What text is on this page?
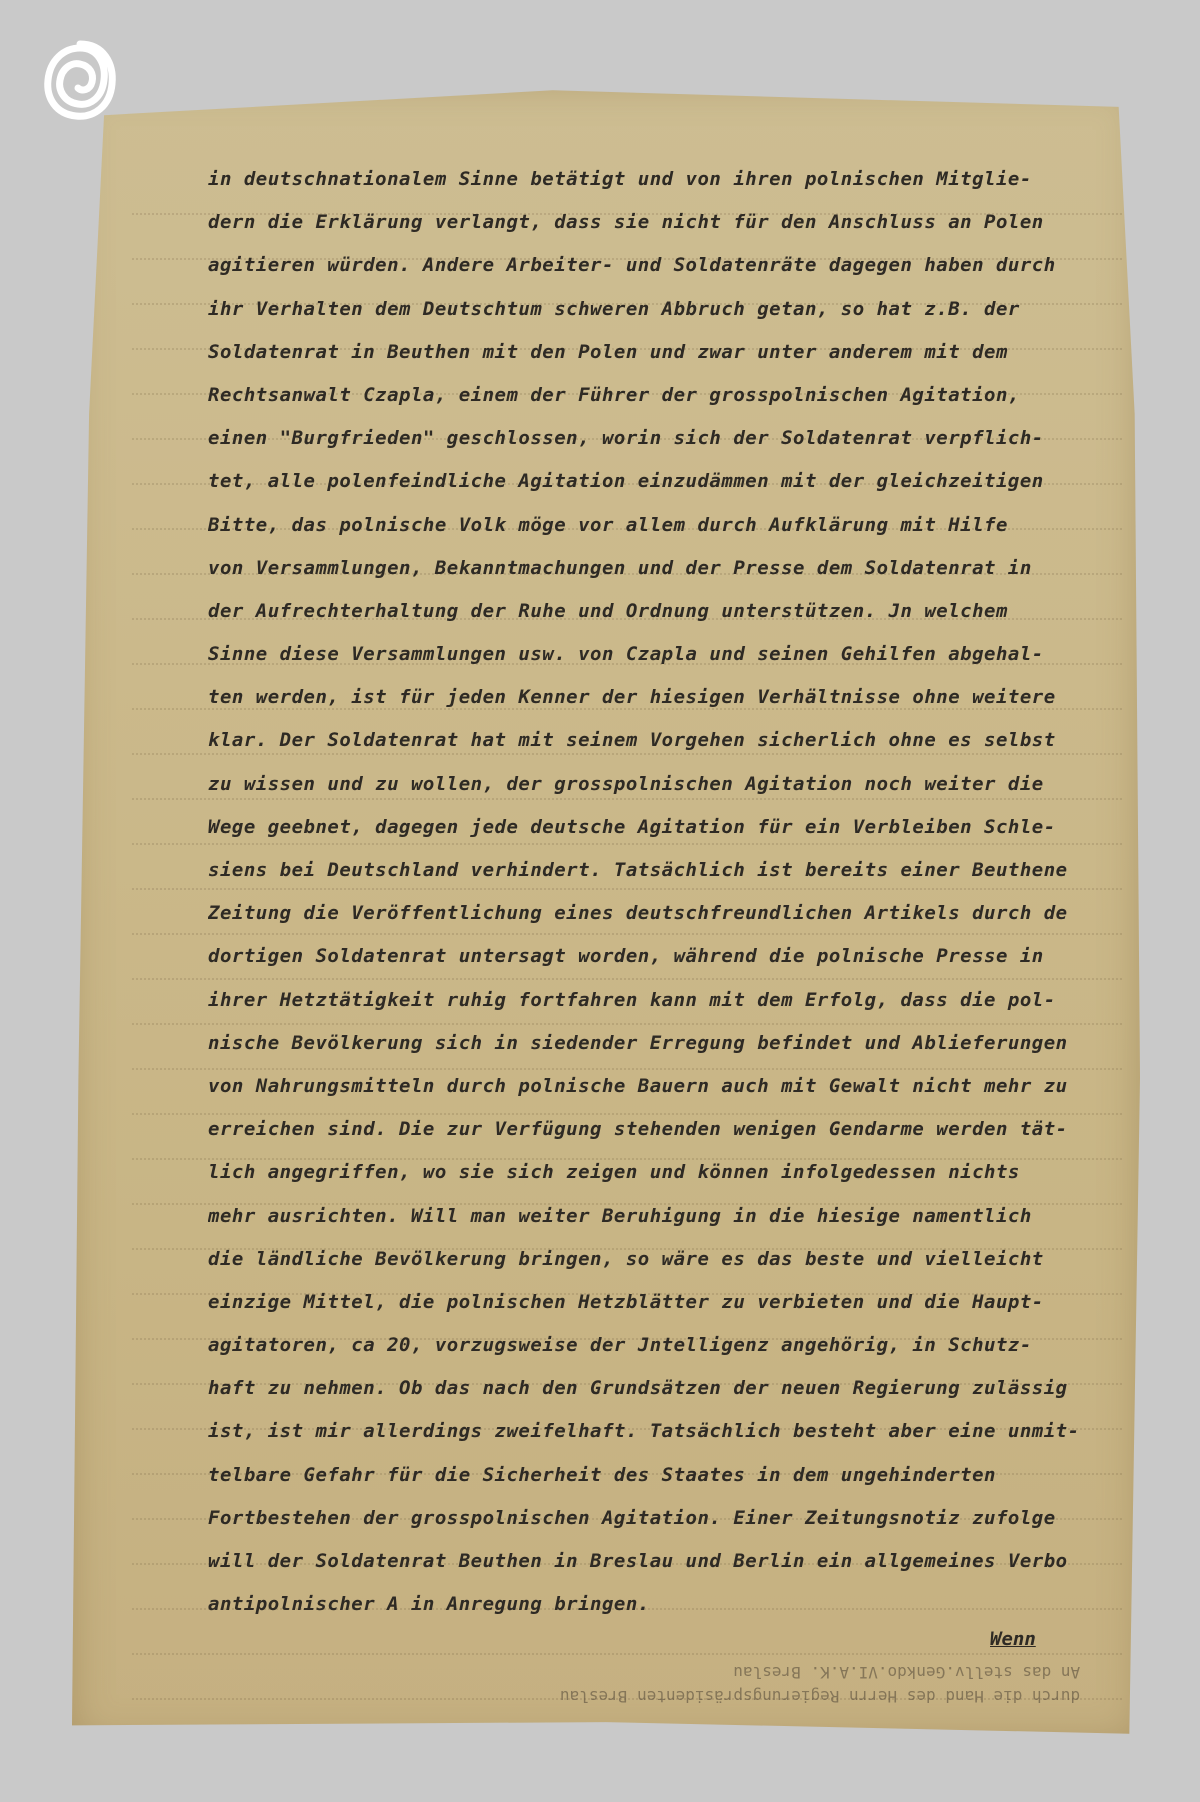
in deutschnationalem Sinne betätigt und von ihren polnischen Mitglie-
dern die Erklärung verlangt, dass sie nicht für den Anschluss an Polen
agitieren würden. Andere Arbeiter- und Soldatenräte dagegen haben durch
ihr Verhalten dem Deutschtum schweren Abbruch getan, so hat z.B. der
Soldatenrat in Beuthen mit den Polen und zwar unter anderem mit dem
Rechtsanwalt Czapla, einem der Führer der grosspolnischen Agitation,
einen "Burgfrieden" geschlossen, worin sich der Soldatenrat verpflich-
tet, alle polenfeindliche Agitation einzudämmen mit der gleichzeitigen
Bitte, das polnische Volk möge vor allem durch Aufklärung mit Hilfe
von Versammlungen, Bekanntmachungen und der Presse dem Soldatenrat in
der Aufrechterhaltung der Ruhe und Ordnung unterstützen. Jn welchem
Sinne diese Versammlungen usw. von Czapla und seinen Gehilfen abgehal-
ten werden, ist für jeden Kenner der hiesigen Verhältnisse ohne weitere
klar. Der Soldatenrat hat mit seinem Vorgehen sicherlich ohne es selbst
zu wissen und zu wollen, der grosspolnischen Agitation noch weiter die
Wege geebnet, dagegen jede deutsche Agitation für ein Verbleiben Schle-
siens bei Deutschland verhindert. Tatsächlich ist bereits einer Beuthene
Zeitung die Veröffentlichung eines deutschfreundlichen Artikels durch de
dortigen Soldatenrat untersagt worden, während die polnische Presse in
ihrer Hetztätigkeit ruhig fortfahren kann mit dem Erfolg, dass die pol-
nische Bevölkerung sich in siedender Erregung befindet und Ablieferungen
von Nahrungsmitteln durch polnische Bauern auch mit Gewalt nicht mehr zu
erreichen sind. Die zur Verfügung stehenden wenigen Gendarme werden tät-
lich angegriffen, wo sie sich zeigen und können infolgedessen nichts
mehr ausrichten. Will man weiter Beruhigung in die hiesige namentlich
die ländliche Bevölkerung bringen, so wäre es das beste und vielleicht
einzige Mittel, die polnischen Hetzblätter zu verbieten und die Haupt-
agitatoren, ca 20, vorzugsweise der Jntelligenz angehörig, in Schutz-
haft zu nehmen. Ob das nach den Grundsätzen der neuen Regierung zulässig
ist, ist mir allerdings zweifelhaft. Tatsächlich besteht aber eine unmit-
telbare Gefahr für die Sicherheit des Staates in dem ungehinderten
Fortbestehen der grosspolnischen Agitation. Einer Zeitungsnotiz zufolge
will der Soldatenrat Beuthen in Breslau und Berlin ein allgemeines Verbo
antipolnischer A in Anregung bringen.
Wenn
durch die Hand des Herrn Regierungspräsidenten Breslau
An das stellv.Genkdo.VI.A.K. Breslau
